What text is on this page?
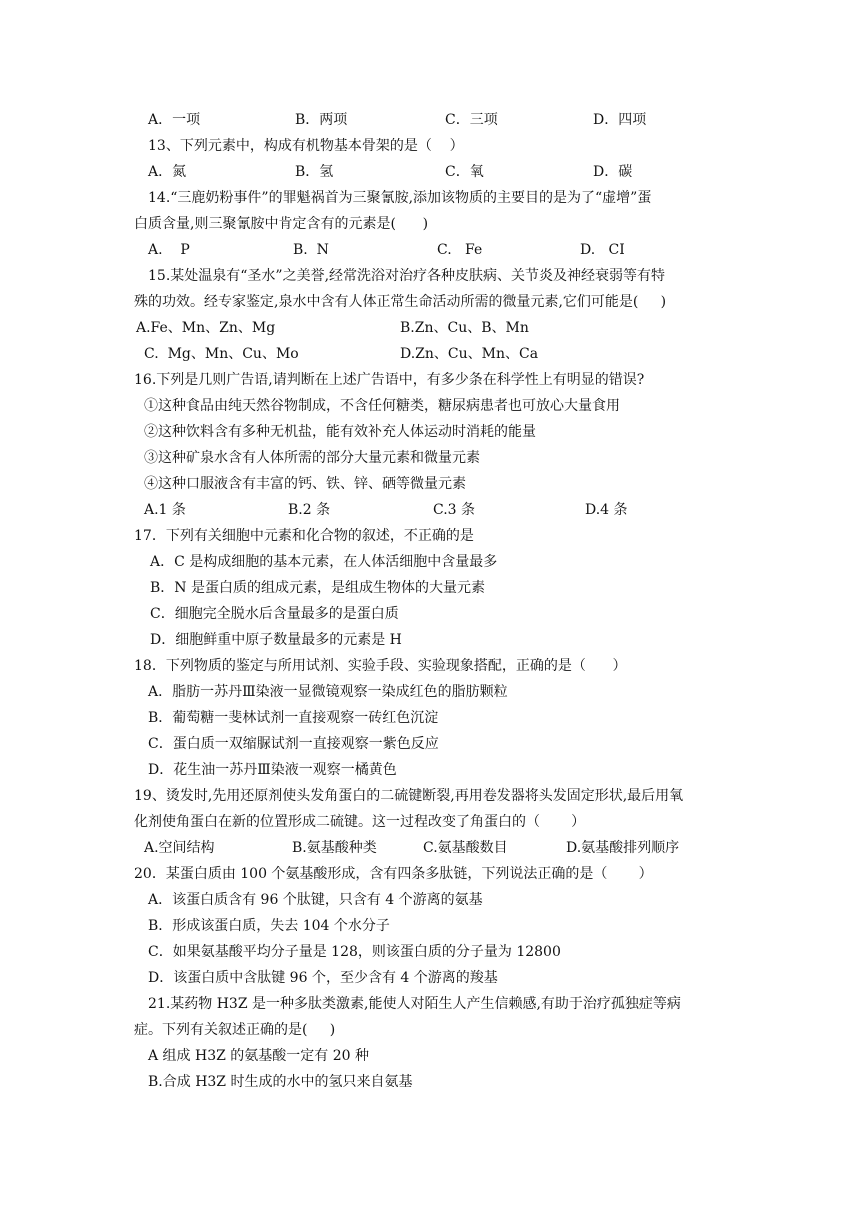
A．一项	B．两项	C．三项	D．四项
13、下列元素中，构成有机物基本骨架的是（    ）
A．氮	B．氢	C．氧	D．碳
14.“三鹿奶粉事件”的罪魁祸首为三聚氰胺,添加该物质的主要目的是为了“虚增”蛋
白质含量,则三聚氰胺中肯定含有的元素是(      )
A.    P	B.  N	C.   Fe	D.   CI
15.某处温泉有“圣水”之美誉,经常洗浴对治疗各种皮肤病、关节炎及神经衰弱等有特
殊的功效。经专家鉴定,泉水中含有人体正常生命活动所需的微量元素,它们可能是(     )
A.Fe、Mn、Zn、Mg	B.Zn、Cu、B、Mn
C.  Mg、Mn、Cu、Mo	D.Zn、Cu、Mn、Ca
16.下列是几则广告语,请判断在上述广告语中，有多少条在科学性上有明显的错误?
①这种食品由纯天然谷物制成，不含任何糖类，糖尿病患者也可放心大量食用
②这种饮料含有多种无机盐，能有效补充人体运动时消耗的能量
③这种矿泉水含有人体所需的部分大量元素和微量元素
④这种口服液含有丰富的钙、铁、锌、硒等微量元素
A.1 条	B.2 条	C.3 条	D.4 条
17．下列有关细胞中元素和化合物的叙述，不正确的是
A．C 是构成细胞的基本元素，在人体活细胞中含量最多
B．N 是蛋白质的组成元素，是组成生物体的大量元素
C．细胞完全脱水后含量最多的是蛋白质
D．细胞鲜重中原子数量最多的元素是 H
18．下列物质的鉴定与所用试剂、实验手段、实验现象搭配，正确的是（      ）
A．脂肪一苏丹Ⅲ染液一显微镜观察一染成红色的脂肪颗粒
B．葡萄糖一斐林试剂一直接观察一砖红色沉淀
C．蛋白质一双缩脲试剂一直接观察一紫色反应
D．花生油一苏丹Ⅲ染液一观察一橘黄色
19、烫发时,先用还原剂使头发角蛋白的二硫键断裂,再用卷发器将头发固定形状,最后用氧
化剂使角蛋白在新的位置形成二硫键。这一过程改变了角蛋白的（       ）
A.空间结构	B.氨基酸种类	C.氨基酸数目	D.氨基酸排列顺序
20．某蛋白质由 100 个氨基酸形成，含有四条多肽链，下列说法正确的是（       ）
A．该蛋白质含有 96 个肽键，只含有 4 个游离的氨基
B．形成该蛋白质，失去 104 个水分子
C．如果氨基酸平均分子量是 128，则该蛋白质的分子量为 12800
D．该蛋白质中含肽键 96 个，至少含有 4 个游离的羧基
21.某药物 H3Z 是一种多肽类激素,能使人对陌生人产生信赖感,有助于治疗孤独症等病
症。下列有关叙述正确的是(     )
A 组成 H3Z 的氨基酸一定有 20 种
B.合成 H3Z 时生成的水中的氢只来自氨基
